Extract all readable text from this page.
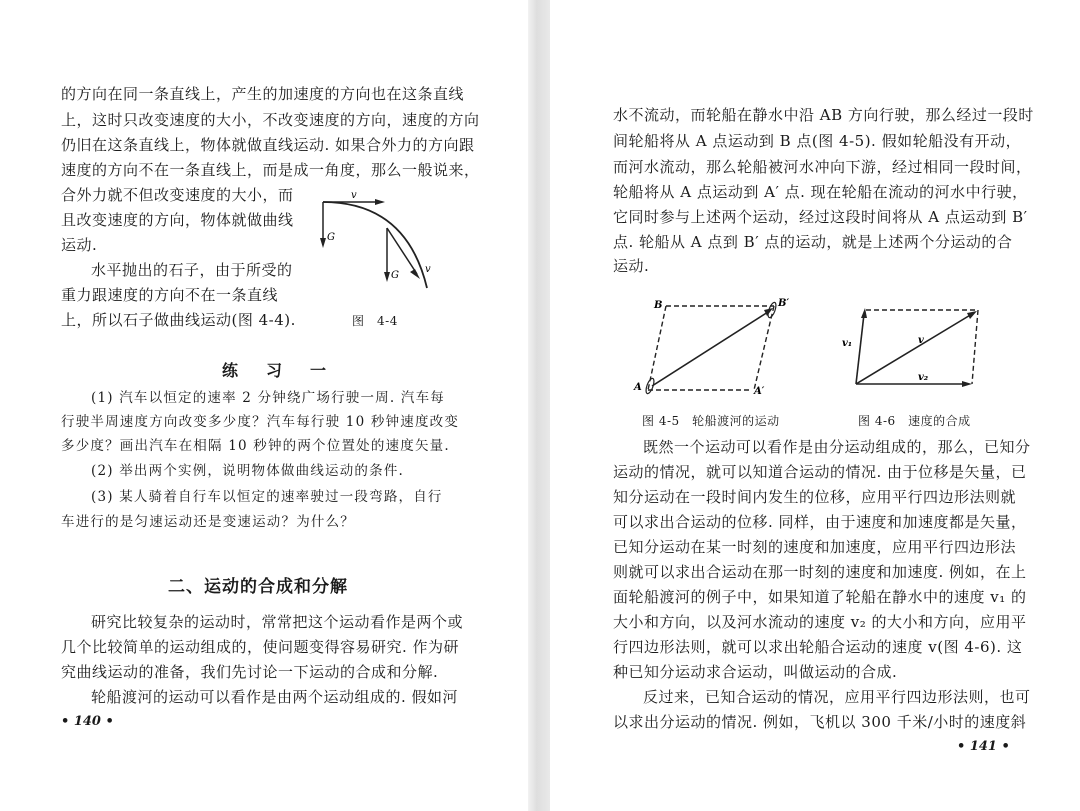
的方向在同一条直线上，产生的加速度的方向也在这条直线
上，这时只改变速度的大小，不改变速度的方向，速度的方向
仍旧在这条直线上，物体就做直线运动. 如果合外力的方向跟
速度的方向不在一条直线上，而是成一角度，那么一般说来，
合外力就不但改变速度的大小，而
且改变速度的方向，物体就做曲线
运动.
水平抛出的石子，由于所受的
重力跟速度的方向不在一条直线
上，所以石子做曲线运动(图 4-4).
v
G
G
v
图　4-4
练　习　一
(1) 汽车以恒定的速率 2 分钟绕广场行驶一周. 汽车每
行驶半周速度方向改变多少度？汽车每行驶 10 秒钟速度改变
多少度？画出汽车在相隔 10 秒钟的两个位置处的速度矢量.
(2) 举出两个实例，说明物体做曲线运动的条件.
(3) 某人骑着自行车以恒定的速率驶过一段弯路，自行
车进行的是匀速运动还是变速运动？为什么？
二、运动的合成和分解
研究比较复杂的运动时，常常把这个运动看作是两个或
几个比较简单的运动组成的，使问题变得容易研究. 作为研
究曲线运动的准备，我们先讨论一下运动的合成和分解.
轮船渡河的运动可以看作是由两个运动组成的. 假如河
• 140 •
水不流动，而轮船在静水中沿 AB 方向行驶，那么经过一段时
间轮船将从 A 点运动到 B 点(图 4-5). 假如轮船没有开动，
而河水流动，那么轮船被河水冲向下游，经过相同一段时间，
轮船将从 A 点运动到 A′ 点. 现在轮船在流动的河水中行驶，
它同时参与上述两个运动，经过这段时间将从 A 点运动到 B′
点. 轮船从 A 点到 B′ 点的运动，就是上述两个分运动的合
运动.
B	B′
A	A′
图 4-5　轮船渡河的运动
v₁	v
v₂
图 4-6　速度的合成
既然一个运动可以看作是由分运动组成的，那么，已知分
运动的情况，就可以知道合运动的情况. 由于位移是矢量，已
知分运动在一段时间内发生的位移，应用平行四边形法则就
可以求出合运动的位移. 同样，由于速度和加速度都是矢量，
已知分运动在某一时刻的速度和加速度，应用平行四边形法
则就可以求出合运动在那一时刻的速度和加速度. 例如，在上
面轮船渡河的例子中，如果知道了轮船在静水中的速度 v₁ 的
大小和方向，以及河水流动的速度 v₂ 的大小和方向，应用平
行四边形法则，就可以求出轮船合运动的速度 v(图 4-6). 这
种已知分运动求合运动，叫做运动的合成.
反过来，已知合运动的情况，应用平行四边形法则，也可
以求出分运动的情况. 例如，飞机以 300 千米/小时的速度斜
• 141 •
